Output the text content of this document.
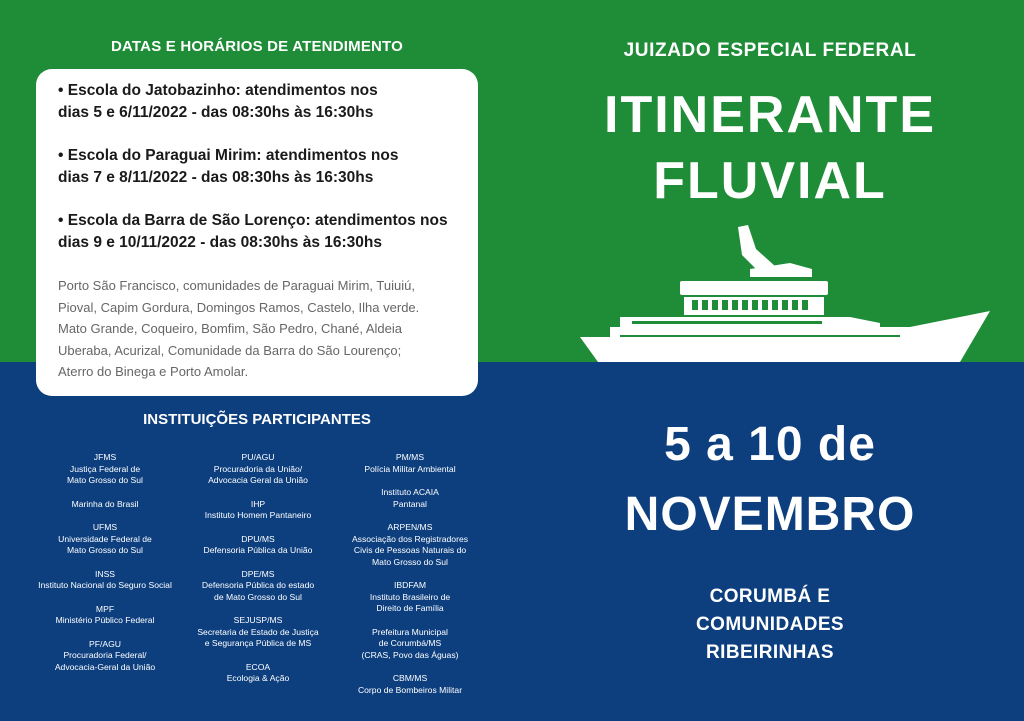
DATAS E HORÁRIOS DE ATENDIMENTO
• Escola do Jatobazinho: atendimentos nos
dias 5 e 6/11/2022 - das 08:30hs às 16:30hs
• Escola do Paraguai Mirim: atendimentos nos
dias 7 e 8/11/2022 - das 08:30hs às 16:30hs
• Escola da Barra de São Lorenço: atendimentos nos
dias 9 e 10/11/2022 - das 08:30hs às 16:30hs
Porto São Francisco, comunidades de Paraguai Mirim, Tuiuiú,
Pioval, Capim Gordura, Domingos Ramos, Castelo, Ilha verde.
Mato Grande, Coqueiro, Bomfim, São Pedro, Chané, Aldeia
Uberaba, Acurizal, Comunidade da Barra do São Lourenço;
Aterro do Binega e Porto Amolar.
INSTITUIÇÕES PARTICIPANTES
JFMS
Justiça Federal de
Mato Grosso do Sul
Marinha do Brasil
UFMS
Universidade Federal de
Mato Grosso do Sul
INSS
Instituto Nacional do Seguro Social
MPF
Ministério Público Federal
PF/AGU
Procuradoria Federal/
Advocacia-Geral da União
PU/AGU
Procuradoria da União/
Advocacia Geral da União
IHP
Instituto Homem Pantaneiro
DPU/MS
Defensoria Pública da União
DPE/MS
Defensoria Pública do estado
de Mato Grosso do Sul
SEJUSP/MS
Secretaria de Estado de Justiça
e Segurança Pública de MS
ECOA
Ecologia & Ação
PM/MS
Polícia Militar Ambiental
Instituto ACAIA
Pantanal
ARPEN/MS
Associação dos Registradores
Civis de Pessoas Naturais do
Mato Grosso do Sul
IBDFAM
Instituto Brasileiro de
Direito de Família
Prefeitura Municipal
de Corumbá/MS
(CRAS, Povo das Águas)
CBM/MS
Corpo de Bombeiros Militar
JUIZADO ESPECIAL FEDERAL
ITINERANTE
FLUVIAL
5 a 10 de
NOVEMBRO
CORUMBÁ E
COMUNIDADES
RIBEIRINHAS
